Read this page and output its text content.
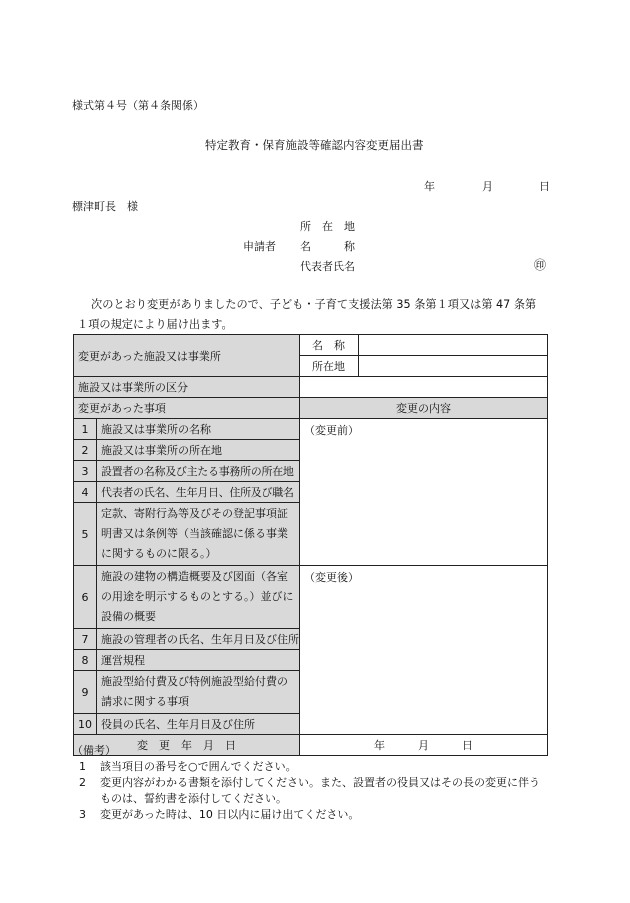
様式第４号（第４条関係）
特定教育・保育施設等確認内容変更届出書
年	月	日
標津町長　様
申請者
所　在　地
名　　　称
代表者氏名	㊞
次のとおり変更がありましたので、子ども・子育て支援法第 35 条第１項又は第 47 条第
１項の規定により届け出ます。
変更があった施設又は事業所		名　称	
		所在地	
施設又は事業所の区分			
変更があった事項		変更の内容	
1	施設又は事業所の名称	（変更前）	
2	施設又は事業所の所在地		
3	設置者の名称及び主たる事務所の所在地		
4	代表者の氏名、生年月日、住所及び職名		
5	定款、寄附行為等及びその登記事項証明書又は条例等（当該確認に係る事業に関するものに限る。）		
6	施設の建物の構造概要及び図面（各室の用途を明示するものとする。）並びに設備の概要	（変更後）	
7	施設の管理者の氏名、生年月日及び住所		
8	運営規程		
9	施設型給付費及び特例施設型給付費の請求に関する事項		
10	役員の氏名、生年月日及び住所		
変　更　年　月　日		年　　　月　　　日	
（備考）
1	該当項目の番号を○で囲んでください。
2	変更内容がわかる書類を添付してください。また、設置者の役員又はその長の変更に伴うものは、誓約書を添付してください。
3	変更があった時は、10 日以内に届け出てください。
